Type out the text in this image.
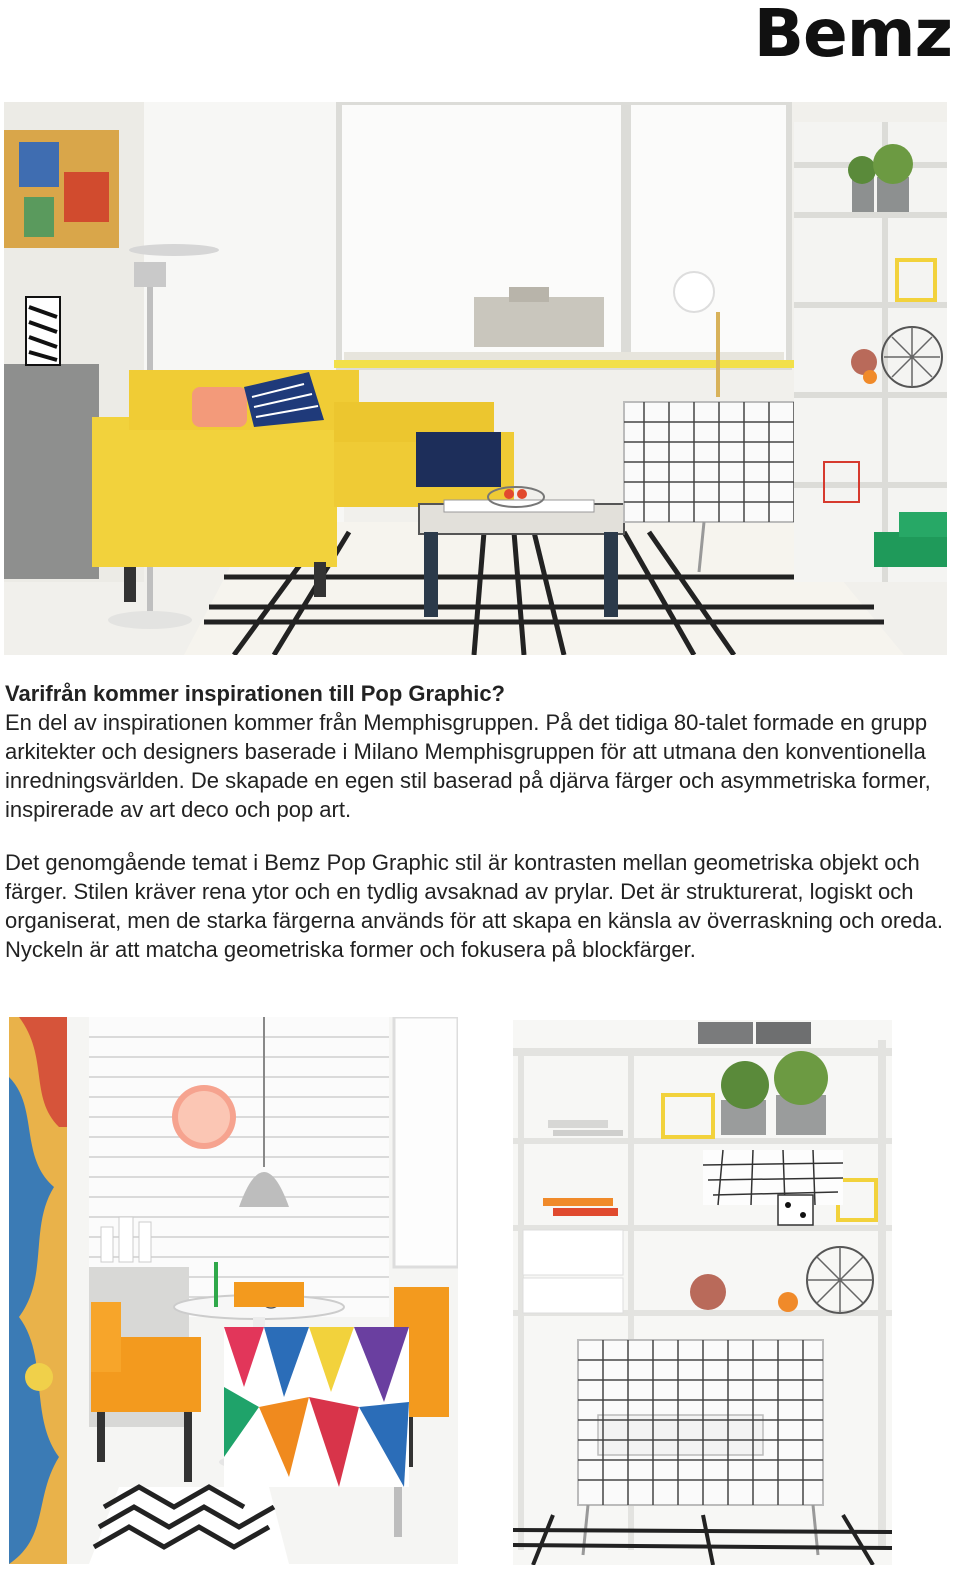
Bemz
Varifrån kommer inspirationen till Pop Graphic?
En del av inspirationen kommer från Memphisgruppen. På det tidiga 80-talet formade en grupp arkitekter och designers baserade i Milano Memphisgruppen för att utmana den konventionella inredningsvärlden. De skapade en egen stil baserad på djärva färger och asymmetriska former, inspirerade av art deco och pop art.
Det genomgående temat i Bemz Pop Graphic stil är kontrasten mellan geometriska objekt och färger. Stilen kräver rena ytor och en tydlig avsaknad av prylar. Det är strukturerat, logiskt och organiserat, men de starka färgerna används för att skapa en känsla av överraskning och oreda. Nyckeln är att matcha geometriska former och fokusera på blockfärger.
